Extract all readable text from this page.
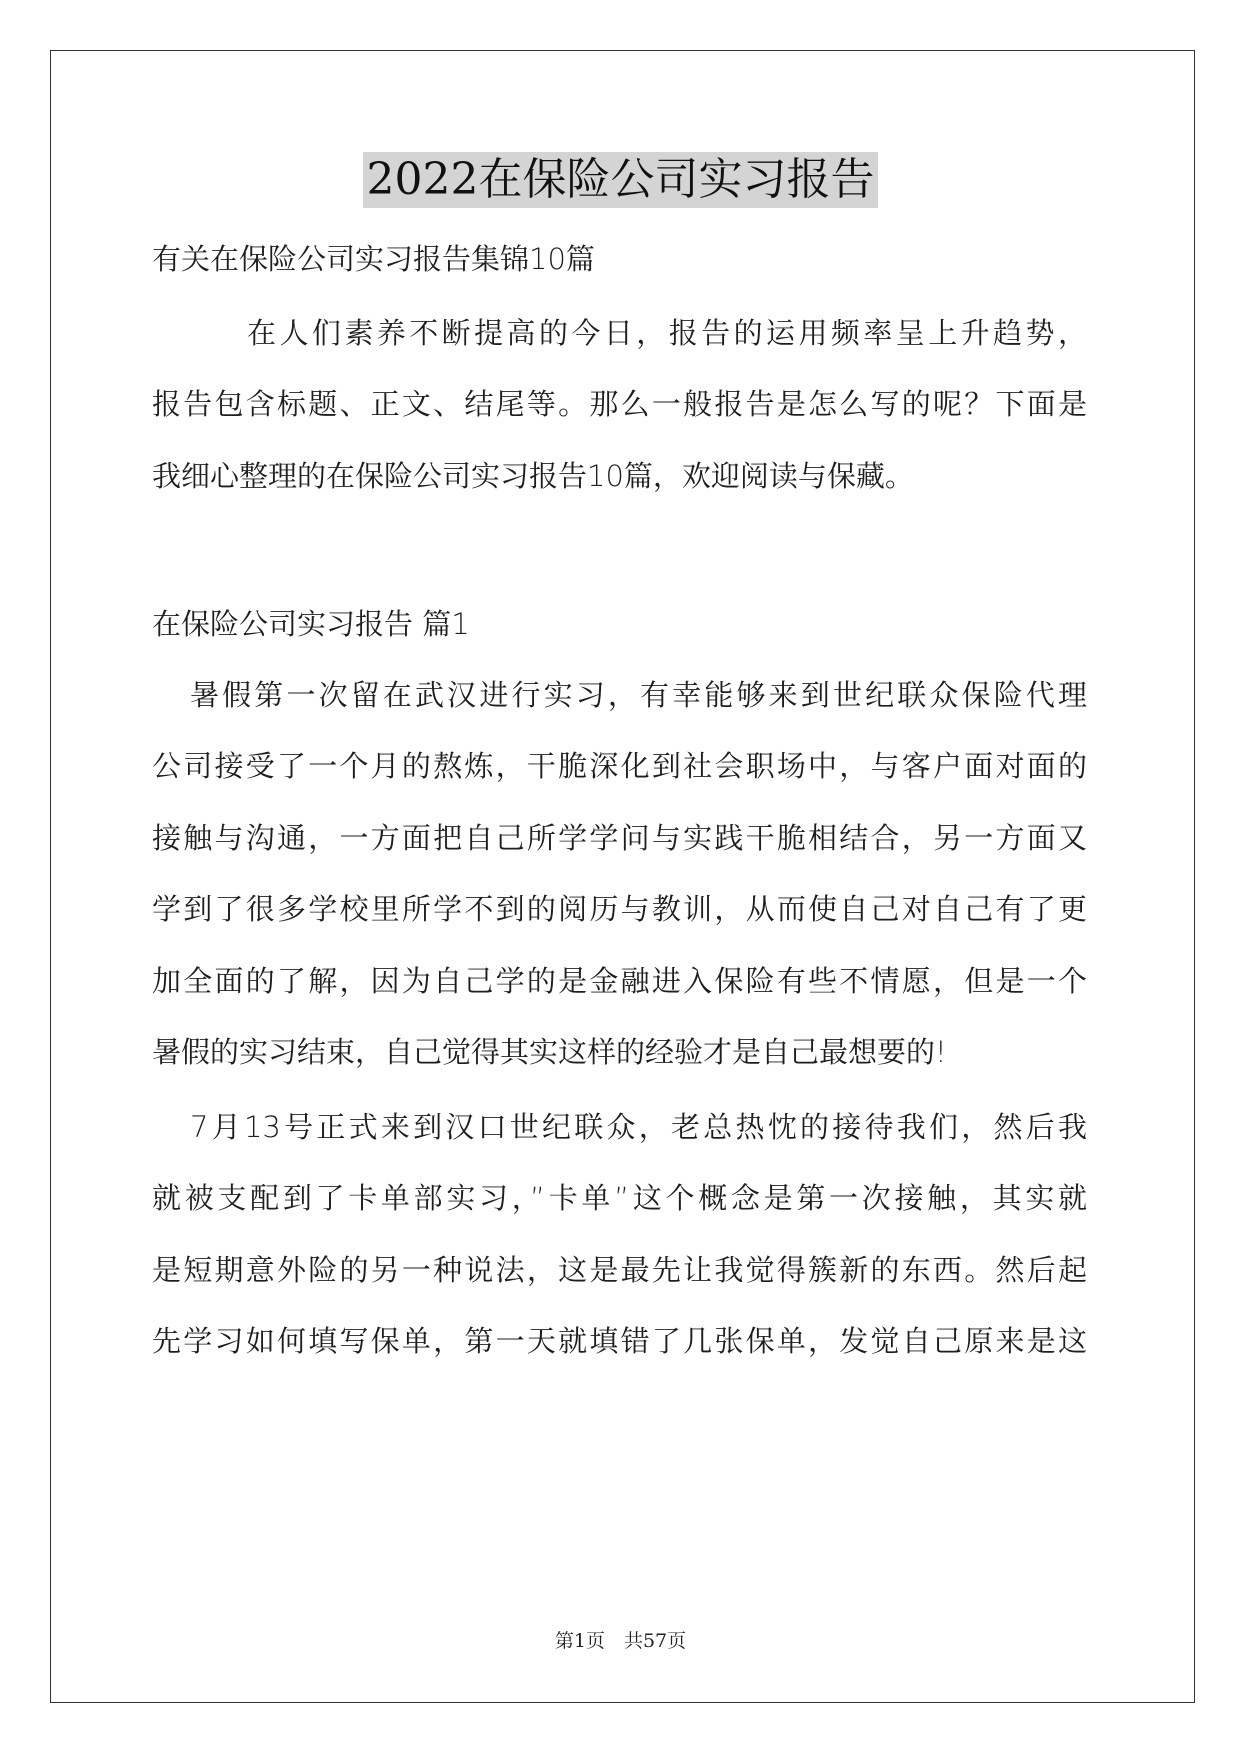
2022在保险公司实习报告
有关在保险公司实习报告集锦10篇
在人们素养不断提高的今日，报告的运用频率呈上升趋势，
报告包含标题、正文、结尾等。那么一般报告是怎么写的呢？下面是
我细心整理的在保险公司实习报告10篇，欢迎阅读与保藏。
在保险公司实习报告 篇1
暑假第一次留在武汉进行实习，有幸能够来到世纪联众保险代理
公司接受了一个月的熬炼，干脆深化到社会职场中，与客户面对面的
接触与沟通，一方面把自己所学学问与实践干脆相结合，另一方面又
学到了很多学校里所学不到的阅历与教训，从而使自己对自己有了更
加全面的了解，因为自己学的是金融进入保险有些不情愿，但是一个
暑假的实习结束，自己觉得其实这样的经验才是自己最想要的!
7月13号正式来到汉口世纪联众，老总热忱的接待我们，然后我
就被支配到了卡单部实习，”卡单”这个概念是第一次接触，其实就
是短期意外险的另一种说法，这是最先让我觉得簇新的东西。然后起
先学习如何填写保单，第一天就填错了几张保单，发觉自己原来是这
第1页　共57页
